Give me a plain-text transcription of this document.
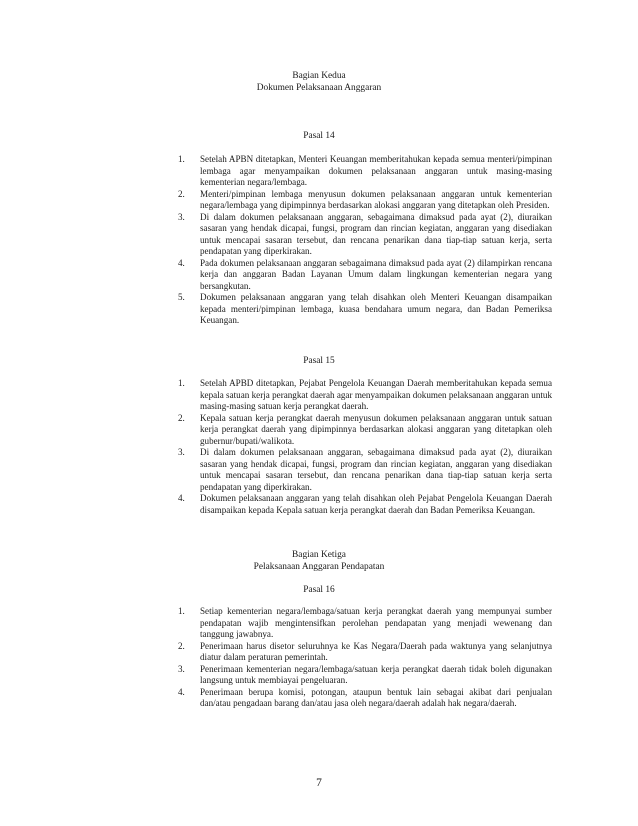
Bagian Kedua
Dokumen Pelaksanaan Anggaran
Pasal 14
1. Setelah APBN ditetapkan, Menteri Keuangan memberitahukan kepada semua menteri/pimpinan lembaga agar menyampaikan dokumen pelaksanaan anggaran untuk masing-masing kementerian negara/lembaga.
2. Menteri/pimpinan lembaga menyusun dokumen pelaksanaan anggaran untuk kementerian negara/lembaga yang dipimpinnya berdasarkan alokasi anggaran yang ditetapkan oleh Presiden.
3. Di dalam dokumen pelaksanaan anggaran, sebagaimana dimaksud pada ayat (2), diuraikan sasaran yang hendak dicapai, fungsi, program dan rincian kegiatan, anggaran yang disediakan untuk mencapai sasaran tersebut, dan rencana penarikan dana tiap-tiap satuan kerja, serta pendapatan yang diperkirakan.
4. Pada dokumen pelaksanaan anggaran sebagaimana dimaksud pada ayat (2) dilampirkan rencana kerja dan anggaran Badan Layanan Umum dalam lingkungan kementerian negara yang bersangkutan.
5. Dokumen pelaksanaan anggaran yang telah disahkan oleh Menteri Keuangan disampaikan kepada menteri/pimpinan lembaga, kuasa bendahara umum negara, dan Badan Pemeriksa Keuangan.
Pasal 15
1. Setelah APBD ditetapkan, Pejabat Pengelola Keuangan Daerah memberitahukan kepada semua kepala satuan kerja perangkat daerah agar menyampaikan dokumen pelaksanaan anggaran untuk masing-masing satuan kerja perangkat daerah.
2. Kepala satuan kerja perangkat daerah menyusun dokumen pelaksanaan anggaran untuk satuan kerja perangkat daerah yang dipimpinnya berdasarkan alokasi anggaran yang ditetapkan oleh gubernur/bupati/walikota.
3. Di dalam dokumen pelaksanaan anggaran, sebagaimana dimaksud pada ayat (2), diuraikan sasaran yang hendak dicapai, fungsi, program dan rincian kegiatan, anggaran yang disediakan untuk mencapai sasaran tersebut, dan rencana penarikan dana tiap-tiap satuan kerja serta pendapatan yang diperkirakan.
4. Dokumen pelaksanaan anggaran yang telah disahkan oleh Pejabat Pengelola Keuangan Daerah disampaikan kepada Kepala satuan kerja perangkat daerah dan Badan Pemeriksa Keuangan.
Bagian Ketiga
Pelaksanaan Anggaran Pendapatan
Pasal 16
1. Setiap kementerian negara/lembaga/satuan kerja perangkat daerah yang mempunyai sumber pendapatan wajib mengintensifkan perolehan pendapatan yang menjadi wewenang dan tanggung jawabnya.
2. Penerimaan harus disetor seluruhnya ke Kas Negara/Daerah pada waktunya yang selanjutnya diatur dalam peraturan pemerintah.
3. Penerimaan kementerian negara/lembaga/satuan kerja perangkat daerah tidak boleh digunakan langsung untuk membiayai pengeluaran.
4. Penerimaan berupa komisi, potongan, ataupun bentuk lain sebagai akibat dari penjualan dan/atau pengadaan barang dan/atau jasa oleh negara/daerah adalah hak negara/daerah.
7
